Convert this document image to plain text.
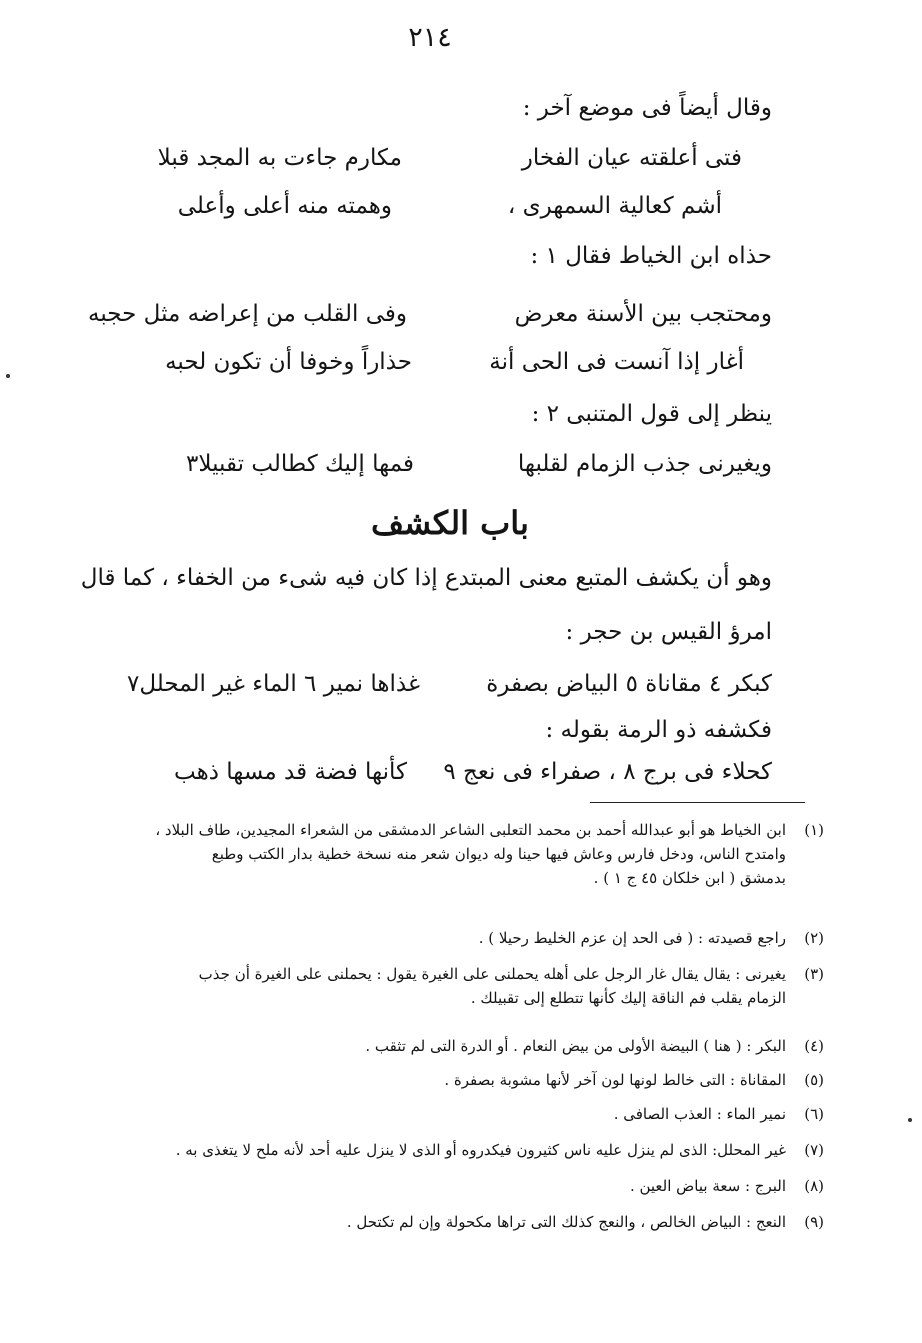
٢١٤
وقال أيضاً فى موضع آخر :
فتى أعلقته عيان الفخار
مكارم جاءت به المجد قبلا
أشم كعالية السمهرى ،
وهمته منه أعلى وأعلى
حذاه ابن الخياط فقال ١ :
ومحتجب بين الأسنة معرض
وفى القلب من إعراضه مثل حجبه
أغار إذا آنست فى الحى أنة
حذاراً وخوفا أن تكون لحبه
ينظر إلى قول المتنبى ٢ :
ويغيرنى جذب الزمام لقلبها
فمها إليك كطالب تقبيلا٣
باب الكشف
وهو أن يكشف المتبع معنى المبتدع إذا كان فيه شىء من الخفاء ، كما قال
امرؤ القيس بن حجر :
كبكر ٤ مقاناة ٥ البياض بصفرة
غذاها نمير ٦ الماء غير المحلل٧
فكشفه ذو الرمة بقوله :
كحلاء فى برج ٨ ، صفراء فى نعج ٩
كأنها فضة قد مسها ذهب
(١)ابن الخياط هو أبو عبدالله أحمد بن محمد التعلبى الشاعر الدمشقى من الشعراء المجيدين، طاف البلاد ،
وامتدح الناس، ودخل فارس وعاش فيها حينا وله ديوان شعر منه نسخة خطية بدار الكتب وطبع
بدمشق ( ابن خلكان ٤٥ ج ١ ) .
(٢)راجع قصيدته : ( فى الحد إن عزم الخليط رحيلا ) .
(٣)يغيرنى : يقال يقال غار الرجل على أهله يحملنى على الغيرة يقول : يحملنى على الغيرة أن جذب
الزمام يقلب فم الناقة إليك كأنها تتطلع إلى تقبيلك .
(٤)البكر : ( هنا ) البيضة الأولى من بيض النعام . أو الدرة التى لم تثقب .
(٥)المقاناة : التى خالط لونها لون آخر لأنها مشوبة بصفرة .
(٦)نمير الماء : العذب الصافى .
(٧)غير المحلل: الذى لم ينزل عليه ناس كثيرون فيكدروه أو الذى لا ينزل عليه أحد لأنه ملح لا يتغذى به .
(٨)البرج : سعة بياض العين .
(٩)النعج : البياض الخالص ، والنعج كذلك التى تراها مكحولة وإن لم تكتحل .
